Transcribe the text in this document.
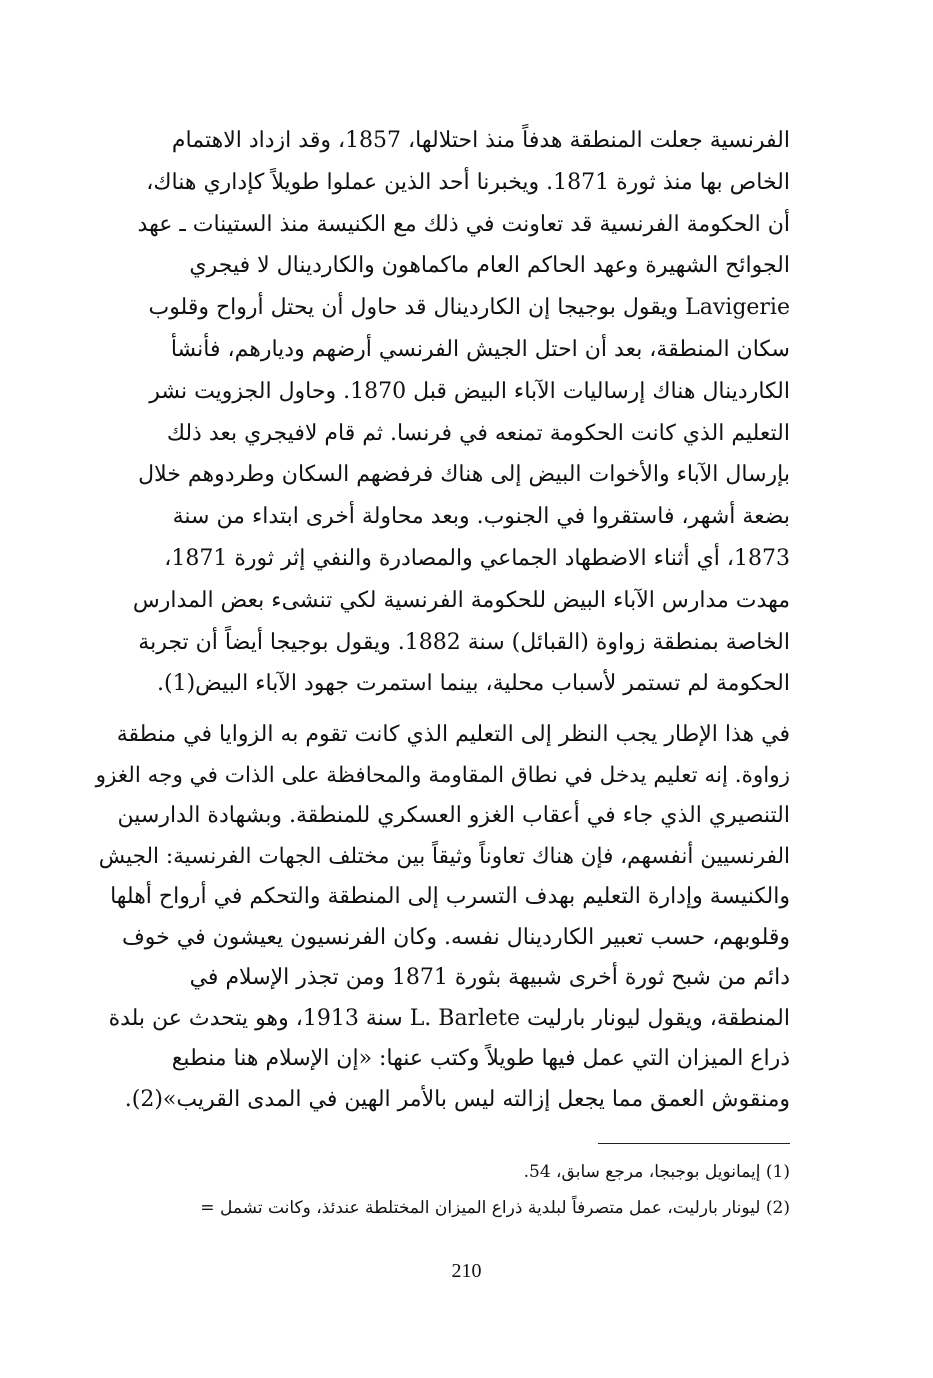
الفرنسية جعلت المنطقة هدفاً منذ احتلالها، 1857، وقد ازداد الاهتمام
الخاص بها منذ ثورة 1871. ويخبرنا أحد الذين عملوا طويلاً كإداري هناك،
أن الحكومة الفرنسية قد تعاونت في ذلك مع الكنيسة منذ الستينات ـ عهد
الجوائح الشهيرة وعهد الحاكم العام ماكماهون والكاردينال لا فيجري
Lavigerie ويقول بوجيجا إن الكاردينال قد حاول أن يحتل أرواح وقلوب
سكان المنطقة، بعد أن احتل الجيش الفرنسي أرضهم وديارهم، فأنشأ
الكاردينال هناك إرساليات الآباء البيض قبل 1870. وحاول الجزويت نشر
التعليم الذي كانت الحكومة تمنعه في فرنسا. ثم قام لافيجري بعد ذلك
بإرسال الآباء والأخوات البيض إلى هناك فرفضهم السكان وطردوهم خلال
بضعة أشهر، فاستقروا في الجنوب. وبعد محاولة أخرى ابتداء من سنة
1873، أي أثناء الاضطهاد الجماعي والمصادرة والنفي إثر ثورة 1871،
مهدت مدارس الآباء البيض للحكومة الفرنسية لكي تنشىء بعض المدارس
الخاصة بمنطقة زواوة (القبائل) سنة 1882. ويقول بوجيجا أيضاً أن تجربة
الحكومة لم تستمر لأسباب محلية، بينما استمرت جهود الآباء البيض(1).
في هذا الإطار يجب النظر إلى التعليم الذي كانت تقوم به الزوايا في منطقة
زواوة. إنه تعليم يدخل في نطاق المقاومة والمحافظة على الذات في وجه الغزو
التنصيري الذي جاء في أعقاب الغزو العسكري للمنطقة. وبشهادة الدارسين
الفرنسيين أنفسهم، فإن هناك تعاوناً وثيقاً بين مختلف الجهات الفرنسية: الجيش
والكنيسة وإدارة التعليم بهدف التسرب إلى المنطقة والتحكم في أرواح أهلها
وقلوبهم، حسب تعبير الكاردينال نفسه. وكان الفرنسيون يعيشون في خوف
دائم من شبح ثورة أخرى شبيهة بثورة 1871 ومن تجذر الإسلام في
المنطقة، ويقول ليونار بارليت L. Barlete سنة 1913، وهو يتحدث عن بلدة
ذراع الميزان التي عمل فيها طويلاً وكتب عنها: «إن الإسلام هنا منطبع
ومنقوش العمق مما يجعل إزالته ليس بالأمر الهين في المدى القريب»(2).
(1) إيمانويل بوجبجا، مرجع سابق، 54.
(2) ليونار بارليت، عمل متصرفاً لبلدية ذراع الميزان المختلطة عندئذ، وكانت تشمل =
210
